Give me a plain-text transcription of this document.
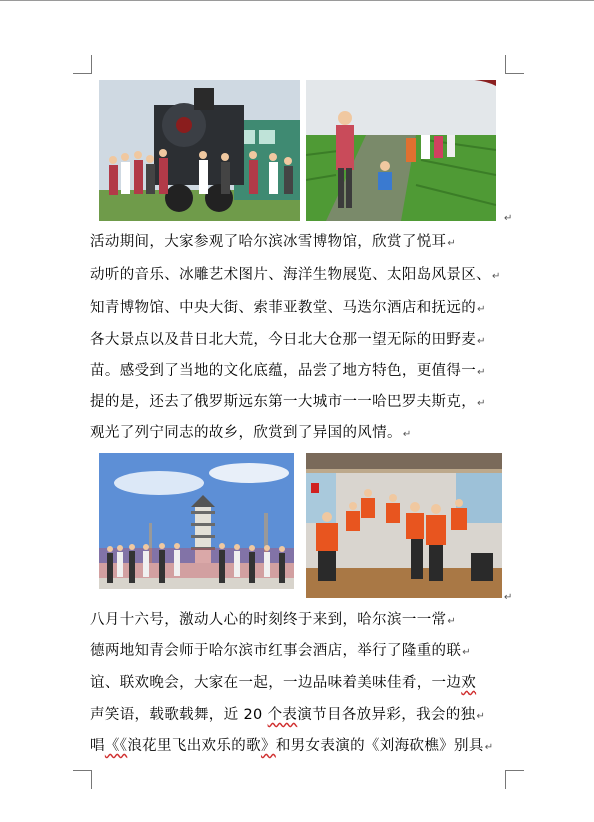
↵
活动期间，大家参观了哈尔滨冰雪博物馆，欣赏了悦耳↵
动听的音乐、冰雕艺术图片、海洋生物展览、太阳岛风景区、↵
知青博物馆、中央大街、索菲亚教堂、马迭尔酒店和抚远的↵
各大景点以及昔日北大荒，今日北大仓那一望无际的田野麦↵
苗。感受到了当地的文化底蕴，品尝了地方特色，更值得一↵
提的是，还去了俄罗斯远东第一大城市一一哈巴罗夫斯克，↵
观光了列宁同志的故乡，欣赏到了异国的风情。↵
↵
八月十六号，激动人心的时刻终于来到，哈尔滨一一常↵
德两地知青会师于哈尔滨市红事会酒店，举行了隆重的联↵
谊、联欢晚会，大家在一起，一边品味着美味佳肴，一边欢
声笑语，载歌载舞，近 20 个表演节目各放异彩，我会的独↵
唱《《浪花里飞出欢乐的歌》和男女表演的《刘海砍樵》别具↵
